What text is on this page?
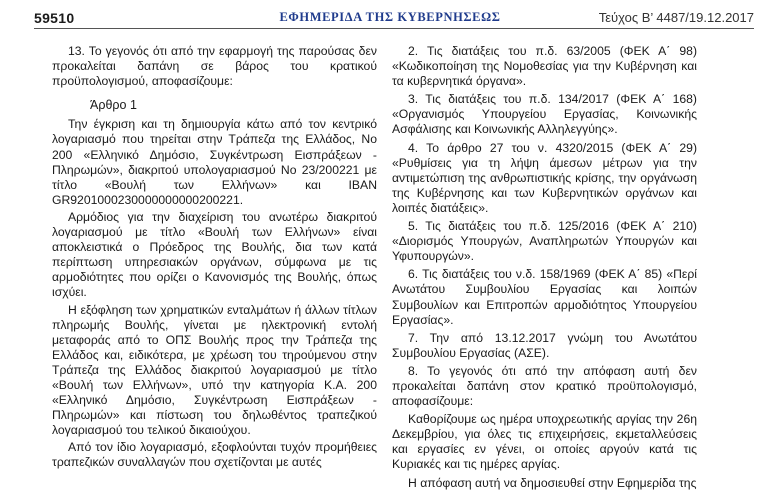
59510	ΕΦΗΜΕΡΙΔΑ ΤΗΣ ΚΥΒΕΡΝΗΣΕΩΣ	Τεύχος Β’ 4487/19.12.2017

13. Το γεγονός ότι από την εφαρμογή της παρούσας δεν προκαλείται δαπάνη σε βάρος του κρατικού προϋπολογισμού, αποφασίζουμε:

Άρθρο 1

Την έγκριση και τη δημιουργία κάτω από τον κεντρικό λογαριασμό που τηρείται στην Τράπεζα της Ελλάδος, Νο 200 «Ελληνικό Δημόσιο, Συγκέντρωση Εισπράξεων - Πληρωμών», διακριτού υπολογαριασμού Νο 23/200221 με τίτλο «Βουλή των Ελλήνων» και IBAN GR9201000230000000000200221.

Αρμόδιος για την διαχείριση του ανωτέρω διακριτού λογαριασμού με τίτλο «Βουλή των Ελλήνων» είναι αποκλειστικά ο Πρόεδρος της Βουλής, δια των κατά περίπτωση υπηρεσιακών οργάνων, σύμφωνα με τις αρμοδιότητες που ορίζει ο Κανονισμός της Βουλής, όπως ισχύει.

Η εξόφληση των χρηματικών ενταλμάτων ή άλλων τίτλων πληρωμής Βουλής, γίνεται με ηλεκτρονική εντολή μεταφοράς από το ΟΠΣ Βουλής προς την Τράπεζα της Ελλάδος και, ειδικότερα, με χρέωση του τηρούμενου στην Τράπεζα της Ελλάδος διακριτού λογαριασμού με τίτλο «Βουλή των Ελλήνων», υπό την κατηγορία Κ.Α. 200 «Ελληνικό Δημόσιο, Συγκέντρωση Εισπράξεων - Πληρωμών» και πίστωση του δηλωθέντος τραπεζικού λογαριασμού του τελικού δικαιούχου.

Από τον ίδιο λογαριασμό, εξοφλούνται τυχόν προμήθειες τραπεζικών συναλλαγών που σχετίζονται με αυτές

2. Τις διατάξεις του π.δ. 63/2005 (ΦΕΚ Α΄ 98) «Κωδικοποίηση της Νομοθεσίας για την Κυβέρνηση και τα κυβερνητικά όργανα».

3. Τις διατάξεις του π.δ. 134/2017 (ΦΕΚ Α΄ 168) «Οργανισμός Υπουργείου Εργασίας, Κοινωνικής Ασφάλισης και Κοινωνικής Αλληλεγγύης».

4. Το άρθρο 27 του ν. 4320/2015 (ΦΕΚ Α΄ 29) «Ρυθμίσεις για τη λήψη άμεσων μέτρων για την αντιμετώπιση της ανθρωπιστικής κρίσης, την οργάνωση της Κυβέρνησης και των Κυβερνητικών οργάνων και λοιπές διατάξεις».

5. Τις διατάξεις του π.δ. 125/2016 (ΦΕΚ Α΄ 210) «Διορισμός Υπουργών, Αναπληρωτών Υπουργών και Υφυπουργών».

6. Τις διατάξεις του ν.δ. 158/1969 (ΦΕΚ Α΄ 85) «Περί Ανωτάτου Συμβουλίου Εργασίας και λοιπών Συμβουλίων και Επιτροπών αρμοδιότητος Υπουργείου Εργασίας».

7. Την από 13.12.2017 γνώμη του Ανωτάτου Συμβουλίου Εργασίας (ΑΣΕ).

8. Το γεγονός ότι από την απόφαση αυτή δεν προκαλείται δαπάνη στον κρατικό προϋπολογισμό, αποφασίζουμε:

Καθορίζουμε ως ημέρα υποχρεωτικής αργίας την 26η Δεκεμβρίου, για όλες τις επιχειρήσεις, εκμεταλλεύσεις και εργασίες εν γένει, οι οποίες αργούν κατά τις Κυριακές και τις ημέρες αργίας.

Η απόφαση αυτή να δημοσιευθεί στην Εφημερίδα της
